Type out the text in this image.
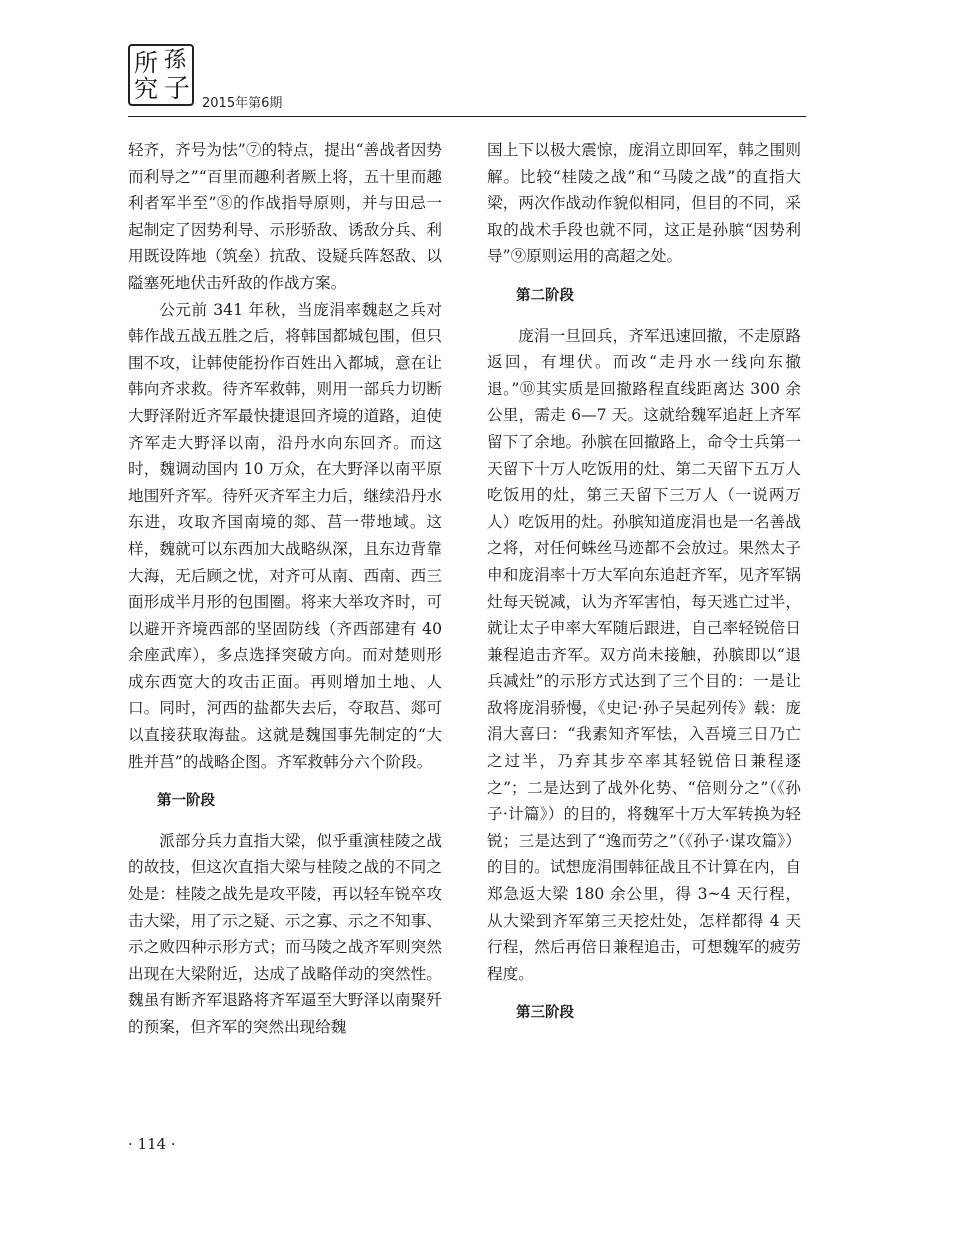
所 孫
究 子 2015年第6期

轻齐，齐号为怯”⑦的特点，提出“善战者因势而利导之”“百里而趣利者厥上将，五十里而趣利者军半至”⑧的作战指导原则，并与田忌一起制定了因势利导、示形骄敌、诱敌分兵、利用既设阵地（筑垒）抗敌、设疑兵阵怒敌、以隘塞死地伏击歼敌的作战方案。

公元前 341 年秋，当庞涓率魏赵之兵对韩作战五战五胜之后，将韩国都城包围，但只围不攻，让韩使能扮作百姓出入都城，意在让韩向齐求救。待齐军救韩，则用一部兵力切断大野泽附近齐军最快捷退回齐境的道路，迫使齐军走大野泽以南，沿丹水向东回齐。而这时，魏调动国内 10 万众，在大野泽以南平原地围歼齐军。待歼灭齐军主力后，继续沿丹水东进，攻取齐国南境的郯、莒一带地域。这样，魏就可以东西加大战略纵深，且东边背靠大海，无后顾之忧，对齐可从南、西南、西三面形成半月形的包围圈。将来大举攻齐时，可以避开齐境西部的坚固防线（齐西部建有 40 余座武库），多点选择突破方向。而对楚则形成东西宽大的攻击正面。再则增加土地、人口。同时，河西的盐都失去后，夺取莒、郯可以直接获取海盐。这就是魏国事先制定的“大胜并莒”的战略企图。齐军救韩分六个阶段。

第一阶段

派部分兵力直指大梁，似乎重演桂陵之战的故技，但这次直指大梁与桂陵之战的不同之处是：桂陵之战先是攻平陵，再以轻车锐卒攻击大梁，用了示之疑、示之寡、示之不知事、示之败四种示形方式；而马陵之战齐军则突然出现在大梁附近，达成了战略佯动的突然性。魏虽有断齐军退路将齐军逼至大野泽以南聚歼的预案，但齐军的突然出现给魏

国上下以极大震惊，庞涓立即回军，韩之围则解。比较“桂陵之战”和“马陵之战”的直指大梁，两次作战动作貌似相同，但目的不同，采取的战术手段也就不同，这正是孙膑“因势利导”⑨原则运用的高超之处。

第二阶段

庞涓一旦回兵，齐军迅速回撤，不走原路返回，有埋伏。而改“走丹水一线向东撤退。”⑩其实质是回撤路程直线距离达 300 余公里，需走 6—7 天。这就给魏军追赶上齐军留下了余地。孙膑在回撤路上，命令士兵第一天留下十万人吃饭用的灶、第二天留下五万人吃饭用的灶，第三天留下三万人（一说两万人）吃饭用的灶。孙膑知道庞涓也是一名善战之将，对任何蛛丝马迹都不会放过。果然太子申和庞涓率十万大军向东追赶齐军，见齐军锅灶每天锐减，认为齐军害怕，每天逃亡过半，就让太子申率大军随后跟进，自己率轻锐倍日兼程追击齐军。双方尚未接触，孙膑即以“退兵减灶”的示形方式达到了三个目的：一是让敌将庞涓骄慢，《史记·孙子吴起列传》载：庞涓大喜曰：“我素知齐军怯，入吾境三日乃亡之过半，乃弃其步卒率其轻锐倍日兼程逐之”；二是达到了战外化势、“倍则分之”（《孙子·计篇》）的目的，将魏军十万大军转换为轻锐；三是达到了“逸而劳之”（《孙子·谋攻篇》）的目的。试想庞涓围韩征战且不计算在内，自郑急返大梁 180 余公里，得 3~4 天行程，从大梁到齐军第三天挖灶处，怎样都得 4 天行程，然后再倍日兼程追击，可想魏军的疲劳程度。

第三阶段
· 114 ·
